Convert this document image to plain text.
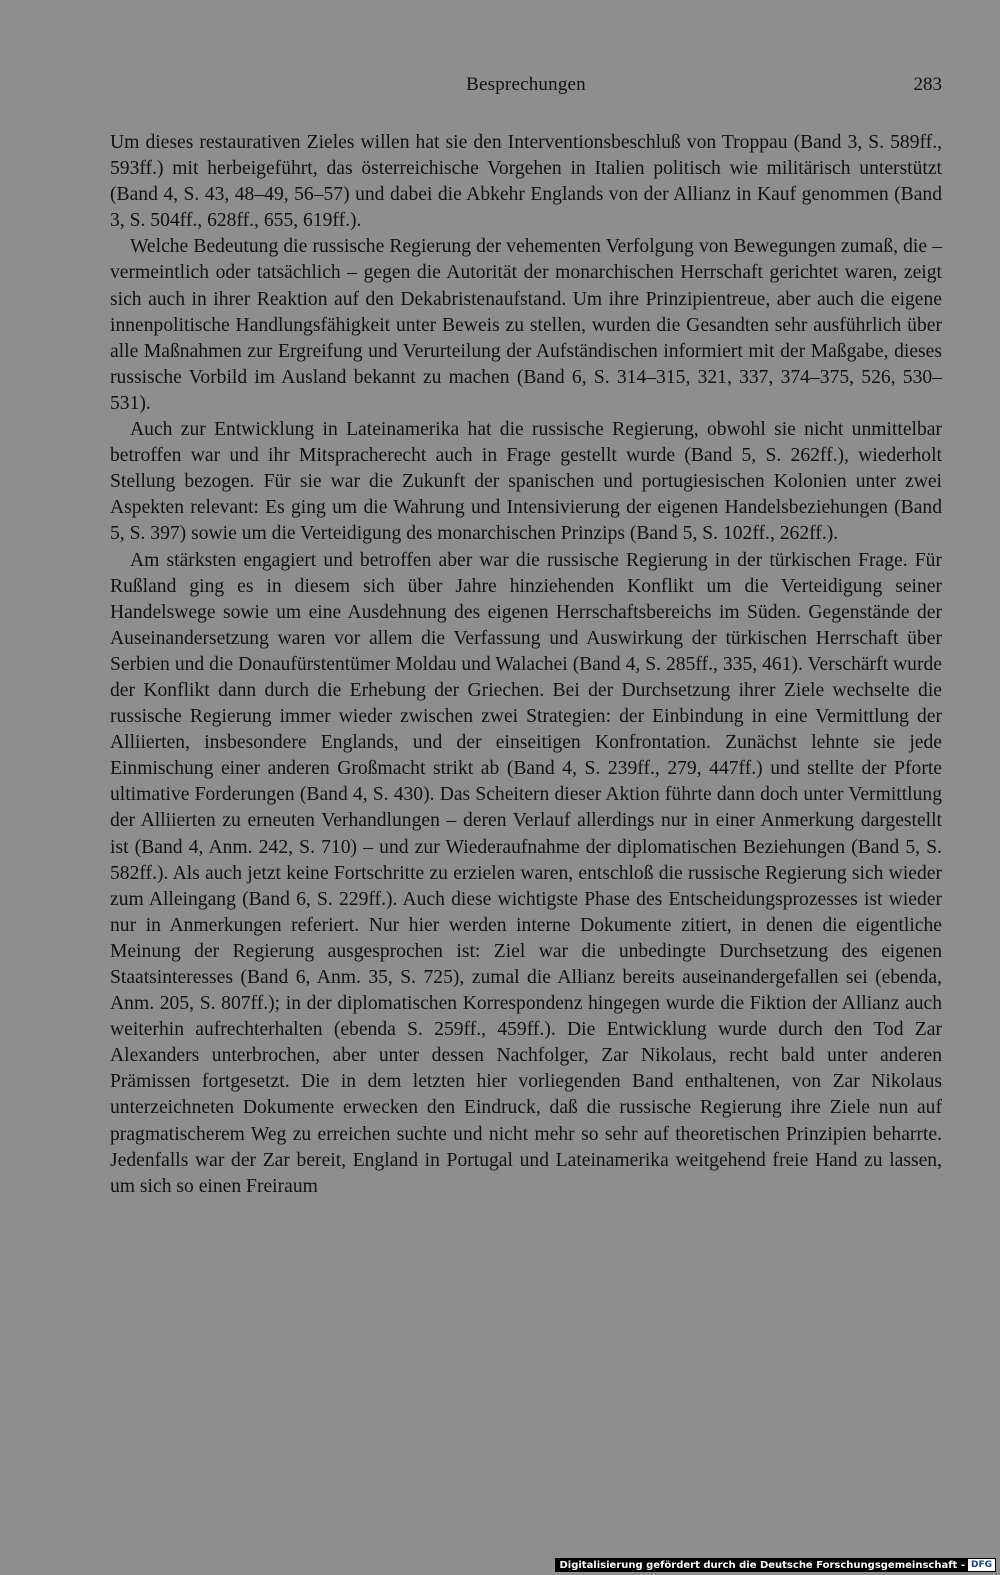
Besprechungen	283

Um dieses restaurativen Zieles willen hat sie den Interventionsbeschluß von Troppau (Band 3, S. 589ff., 593ff.) mit herbeigeführt, das österreichische Vorgehen in Italien politisch wie militärisch unterstützt (Band 4, S. 43, 48–49, 56–57) und dabei die Abkehr Englands von der Allianz in Kauf genommen (Band 3, S. 504ff., 628ff., 655, 619ff.).

Welche Bedeutung die russische Regierung der vehementen Verfolgung von Bewegungen zumaß, die – vermeintlich oder tatsächlich – gegen die Autorität der monarchischen Herrschaft gerichtet waren, zeigt sich auch in ihrer Reaktion auf den Dekabristenaufstand. Um ihre Prinzipientreue, aber auch die eigene innenpolitische Handlungsfähigkeit unter Beweis zu stellen, wurden die Gesandten sehr ausführlich über alle Maßnahmen zur Ergreifung und Verurteilung der Aufständischen informiert mit der Maßgabe, dieses russische Vorbild im Ausland bekannt zu machen (Band 6, S. 314–315, 321, 337, 374–375, 526, 530–531).

Auch zur Entwicklung in Lateinamerika hat die russische Regierung, obwohl sie nicht unmittelbar betroffen war und ihr Mitspracherecht auch in Frage gestellt wurde (Band 5, S. 262ff.), wiederholt Stellung bezogen. Für sie war die Zukunft der spanischen und portugiesischen Kolonien unter zwei Aspekten relevant: Es ging um die Wahrung und Intensivierung der eigenen Handelsbeziehungen (Band 5, S. 397) sowie um die Verteidigung des monarchischen Prinzips (Band 5, S. 102ff., 262ff.).

Am stärksten engagiert und betroffen aber war die russische Regierung in der türkischen Frage. Für Rußland ging es in diesem sich über Jahre hinziehenden Konflikt um die Verteidigung seiner Handelswege sowie um eine Ausdehnung des eigenen Herrschaftsbereichs im Süden. Gegenstände der Auseinandersetzung waren vor allem die Verfassung und Auswirkung der türkischen Herrschaft über Serbien und die Donaufürstentümer Moldau und Walachei (Band 4, S. 285ff., 335, 461). Verschärft wurde der Konflikt dann durch die Erhebung der Griechen. Bei der Durchsetzung ihrer Ziele wechselte die russische Regierung immer wieder zwischen zwei Strategien: der Einbindung in eine Vermittlung der Alliierten, insbesondere Englands, und der einseitigen Konfrontation. Zunächst lehnte sie jede Einmischung einer anderen Großmacht strikt ab (Band 4, S. 239ff., 279, 447ff.) und stellte der Pforte ultimative Forderungen (Band 4, S. 430). Das Scheitern dieser Aktion führte dann doch unter Vermittlung der Alliierten zu erneuten Verhandlungen – deren Verlauf allerdings nur in einer Anmerkung dargestellt ist (Band 4, Anm. 242, S. 710) – und zur Wiederaufnahme der diplomatischen Beziehungen (Band 5, S. 582ff.). Als auch jetzt keine Fortschritte zu erzielen waren, entschloß die russische Regierung sich wieder zum Alleingang (Band 6, S. 229ff.). Auch diese wichtigste Phase des Entscheidungsprozesses ist wieder nur in Anmerkungen referiert. Nur hier werden interne Dokumente zitiert, in denen die eigentliche Meinung der Regierung ausgesprochen ist: Ziel war die unbedingte Durchsetzung des eigenen Staatsinteresses (Band 6, Anm. 35, S. 725), zumal die Allianz bereits auseinandergefallen sei (ebenda, Anm. 205, S. 807ff.); in der diplomatischen Korrespondenz hingegen wurde die Fiktion der Allianz auch weiterhin aufrechterhalten (ebenda S. 259ff., 459ff.). Die Entwicklung wurde durch den Tod Zar Alexanders unterbrochen, aber unter dessen Nachfolger, Zar Nikolaus, recht bald unter anderen Prämissen fortgesetzt. Die in dem letzten hier vorliegenden Band enthaltenen, von Zar Nikolaus unterzeichneten Dokumente erwecken den Eindruck, daß die russische Regierung ihre Ziele nun auf pragmatischerem Weg zu erreichen suchte und nicht mehr so sehr auf theoretischen Prinzipien beharrte. Jedenfalls war der Zar bereit, England in Portugal und Lateinamerika weitgehend freie Hand zu lassen, um sich so einen Freiraum

Digitalisierung gefördert durch die Deutsche Forschungsgemeinschaft - DFG
